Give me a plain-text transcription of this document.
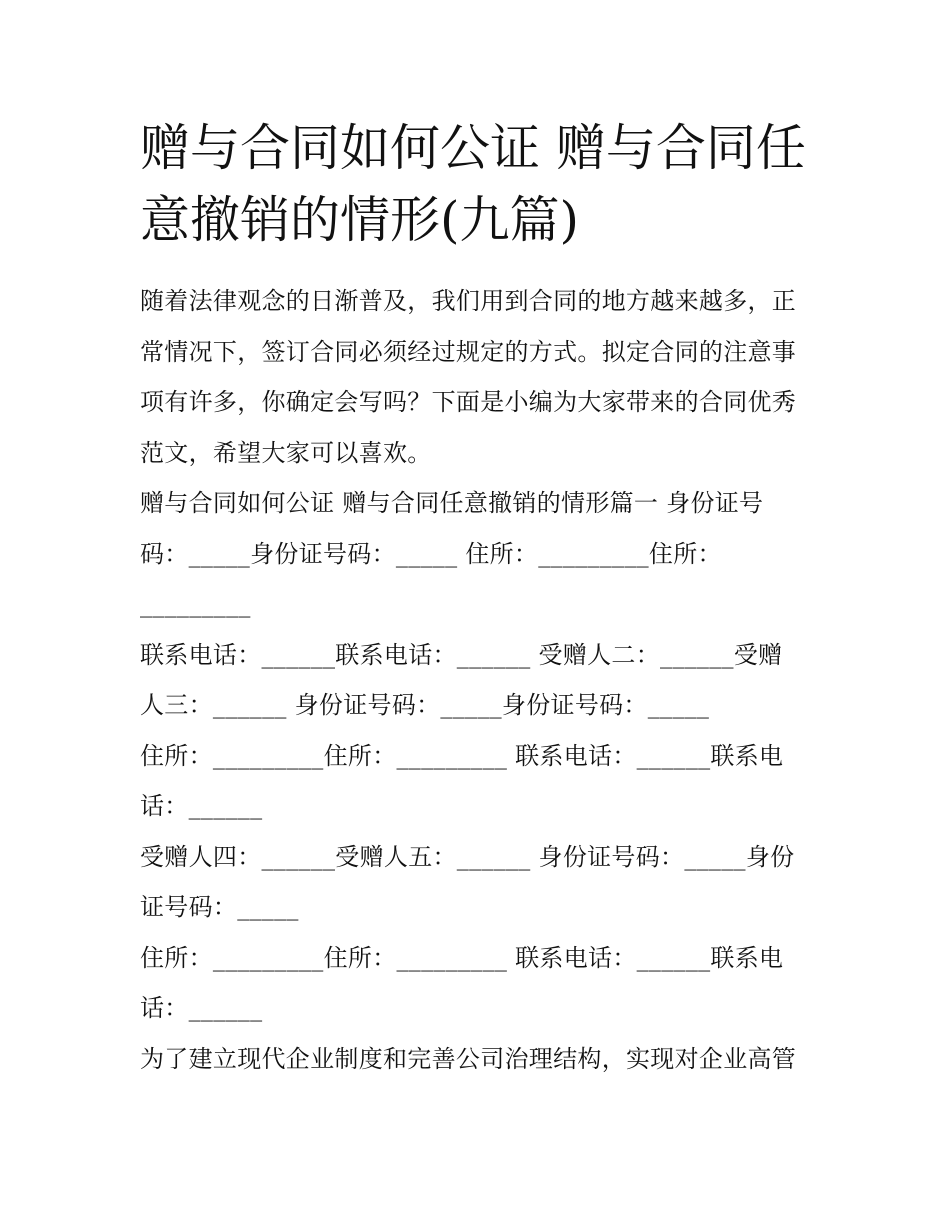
赠与合同如何公证 赠与合同任
意撤销的情形(九篇)
随着法律观念的日渐普及，我们用到合同的地方越来越多，正
常情况下，签订合同必须经过规定的方式。拟定合同的注意事
项有许多，你确定会写吗？下面是小编为大家带来的合同优秀
范文，希望大家可以喜欢。
赠与合同如何公证 赠与合同任意撤销的情形篇一 身份证号
码：_____身份证号码：_____ 住所：_________住所：
_________
联系电话：______联系电话：______ 受赠人二：______受赠
人三：______ 身份证号码：_____身份证号码：_____
住所：_________住所：_________ 联系电话：______联系电
话：______
受赠人四：______受赠人五：______ 身份证号码：_____身份
证号码：_____
住所：_________住所：_________ 联系电话：______联系电
话：______
为了建立现代企业制度和完善公司治理结构，实现对企业高管
